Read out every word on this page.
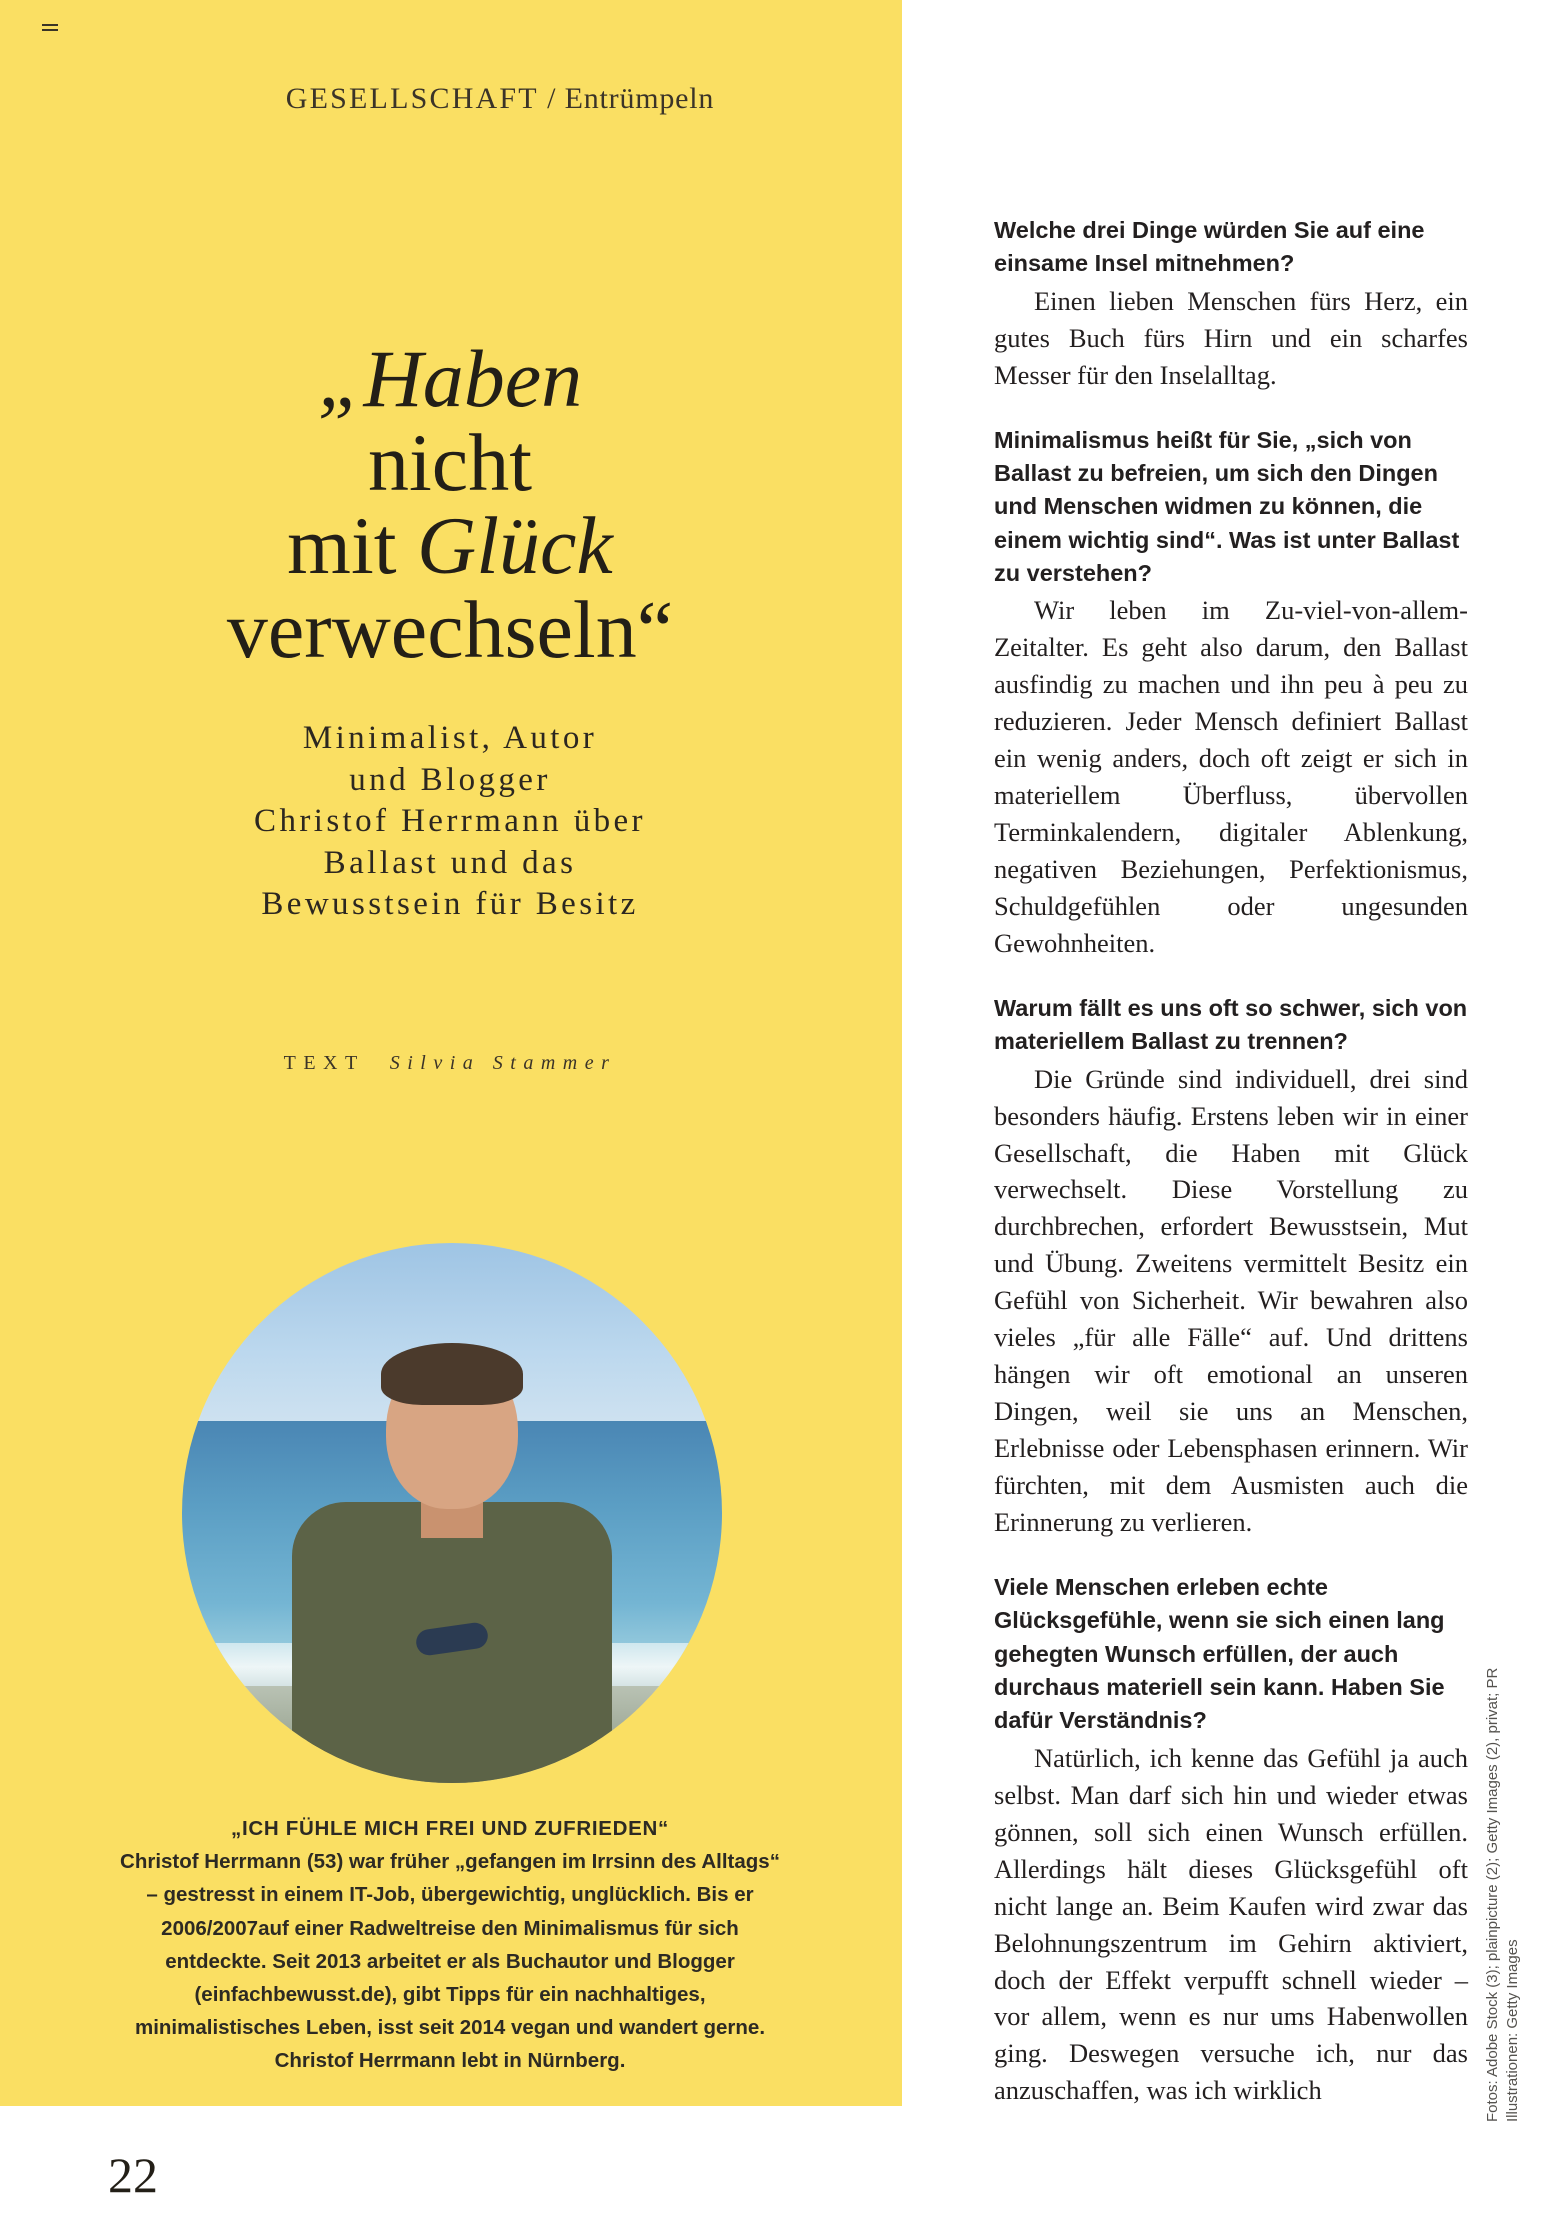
GESELLSCHAFT / Entrümpeln
„Haben
nicht
mit Glück
verwechseln“
Minimalist, Autor
und Blogger
Christof Herrmann über
Ballast und das
Bewusstsein für Besitz
TEXT Silvia Stammer
„ICH FÜHLE MICH FREI UND ZUFRIEDEN“
Christof Herrmann (53) war früher „gefangen im Irrsinn des Alltags“ – gestresst in einem IT-Job, übergewichtig, unglücklich. Bis er 2006/2007auf einer Radweltreise den Minimalismus für sich entdeckte. Seit 2013 arbeitet er als Buchautor und Blogger (einfachbewusst.de), gibt Tipps für ein nachhaltiges, minimalistisches Leben, isst seit 2014 vegan und wandert gerne. Christof Herrmann lebt in Nürnberg.
22

Welche drei Dinge würden Sie auf eine einsame Insel mitnehmen?

Einen lieben Menschen fürs Herz, ein gutes Buch fürs Hirn und ein scharfes Messer für den Inselalltag.

Minimalismus heißt für Sie, „sich von Ballast zu befreien, um sich den Dingen und Menschen widmen zu können, die einem wichtig sind“. Was ist unter Ballast zu verstehen?

Wir leben im Zu-viel-von-allem-Zeitalter. Es geht also darum, den Ballast ausfindig zu machen und ihn peu à peu zu reduzieren. Jeder Mensch definiert Ballast ein wenig anders, doch oft zeigt er sich in materiellem Überfluss, übervollen Terminkalendern, digitaler Ablenkung, negativen Beziehungen, Perfektionismus, Schuldgefühlen oder ungesunden Gewohnheiten.

Warum fällt es uns oft so schwer, sich von materiellem Ballast zu trennen?

Die Gründe sind individuell, drei sind besonders häufig. Erstens leben wir in einer Gesellschaft, die Haben mit Glück verwechselt. Diese Vorstellung zu durchbrechen, erfordert Bewusstsein, Mut und Übung. Zweitens vermittelt Besitz ein Gefühl von Sicherheit. Wir bewahren also vieles „für alle Fälle“ auf. Und drittens hängen wir oft emotional an unseren Dingen, weil sie uns an Menschen, Erlebnisse oder Lebensphasen erinnern. Wir fürchten, mit dem Ausmisten auch die Erinnerung zu verlieren.

Viele Menschen erleben echte Glücksgefühle, wenn sie sich einen lang gehegten Wunsch erfüllen, der auch durchaus materiell sein kann. Haben Sie dafür Verständnis?

Natürlich, ich kenne das Gefühl ja auch selbst. Man darf sich hin und wieder etwas gönnen, soll sich einen Wunsch erfüllen. Allerdings hält dieses Glücksgefühl oft nicht lange an. Beim Kaufen wird zwar das Belohnungszentrum im Gehirn aktiviert, doch der Effekt verpufft schnell wieder – vor allem, wenn es nur ums Habenwollen ging. Deswegen versuche ich, nur das anzuschaffen, was ich wirklich	Fotos: Adobe Stock (3); plainpicture (2); Getty Images (2), privat; PR Illustrationen: Getty Images
